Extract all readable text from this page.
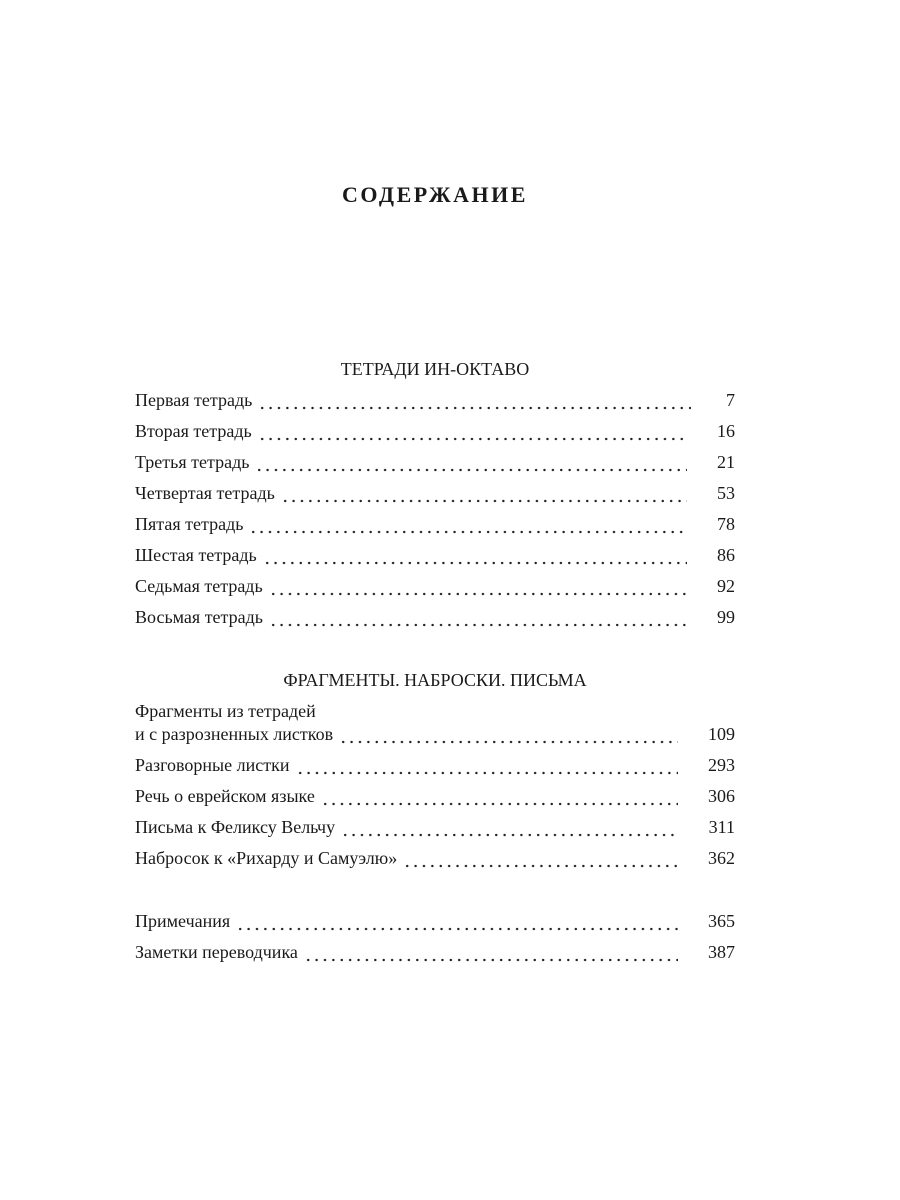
СОДЕРЖАНИЕ
ТЕТРАДИ ИН-ОКТАВО
Первая тетрадь	7
Вторая тетрадь	16
Третья тетрадь	21
Четвертая тетрадь	53
Пятая тетрадь	78
Шестая тетрадь	86
Седьмая тетрадь	92
Восьмая тетрадь	99
ФРАГМЕНТЫ. НАБРОСКИ. ПИСЬМА
Фрагменты из тетрадей
и с разрозненных листков	109
Разговорные листки	293
Речь о еврейском языке	306
Письма к Феликсу Вельчу	311
Набросок к «Рихарду и Самуэлю»	362
Примечания	365
Заметки переводчика	387
